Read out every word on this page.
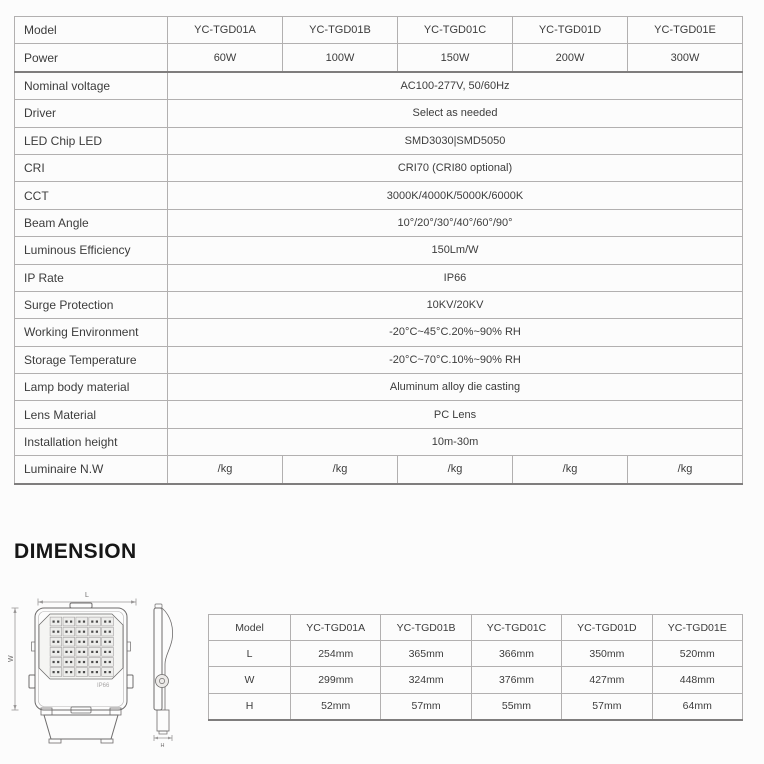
Model	YC-TGD01A	YC-TGD01B	YC-TGD01C	YC-TGD01D	YC-TGD01E
Power	60W	100W	150W	200W	300W
Nominal voltage	AC100-277V, 50/60Hz				
Driver	Select as needed				
LED Chip LED	SMD3030|SMD5050				
CRI	CRI70 (CRI80 optional)				
CCT	3000K/4000K/5000K/6000K				
Beam Angle	10°/20°/30°/40°/60°/90°				
Luminous Efficiency	150Lm/W				
IP Rate	IP66				
Surge Protection	10KV/20KV				
Working Environment	-20°C~45°C.20%~90% RH				
Storage Temperature	-20°C~70°C.10%~90% RH				
Lamp body material	Aluminum alloy die casting				
Lens Material	PC Lens				
Installation height	10m-30m				
Luminaire N.W	/kg	/kg	/kg	/kg	/kg
DIMENSION
L
W
IP66
H
Model	YC-TGD01A	YC-TGD01B	YC-TGD01C	YC-TGD01D	YC-TGD01E
L	254mm	365mm	366mm	350mm	520mm
W	299mm	324mm	376mm	427mm	448mm
H	52mm	57mm	55mm	57mm	64mm
